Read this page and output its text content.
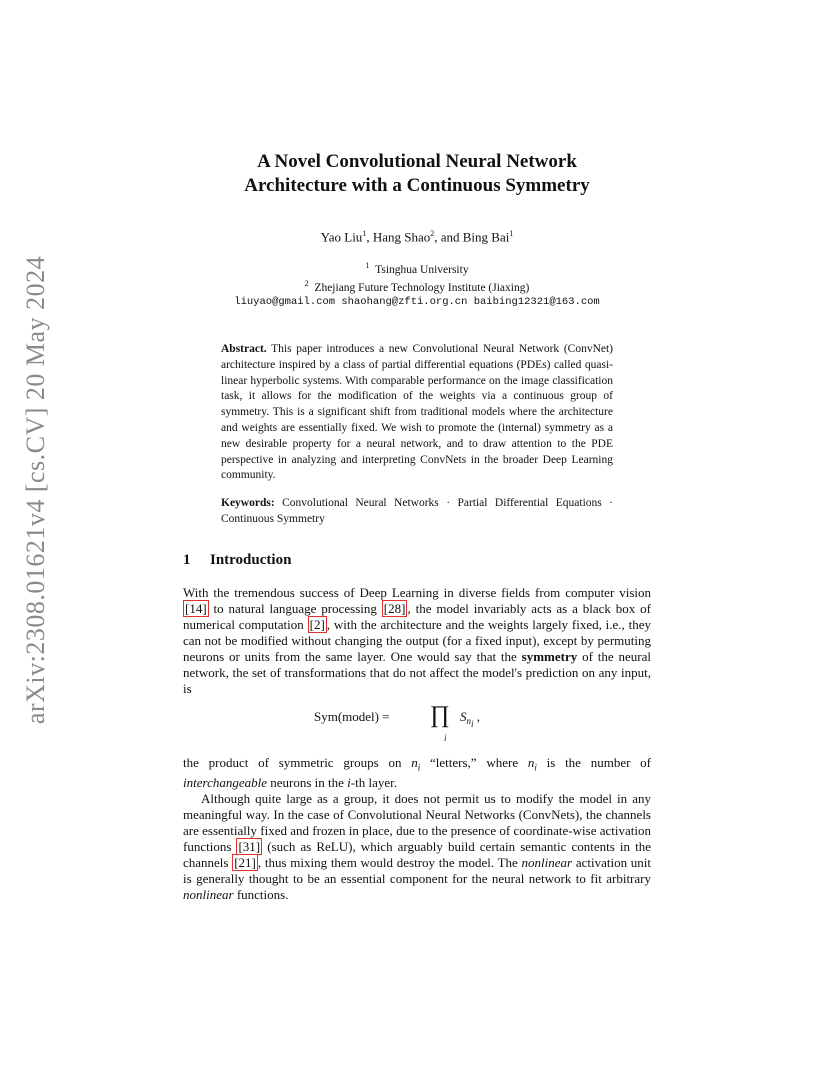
arXiv:2308.01621v4 [cs.CV] 20 May 2024
A Novel Convolutional Neural Network
Architecture with a Continuous Symmetry
Yao Liu$^1$, Hang Shao$^2$, and Bing Bai$^1$
$^1$ Tsinghua University
$^2$ Zhejiang Future Technology Institute (Jiaxing)
liuyao@gmail.com shaohang@zfti.org.cn baibing12321@163.com
Abstract. This paper introduces a new Convolutional Neural Network (ConvNet) architecture inspired by a class of partial differential equations (PDEs) called quasi-linear hyperbolic systems. With comparable performance on the image classification task, it allows for the modification of the weights via a continuous group of symmetry. This is a significant shift from traditional models where the architecture and weights are essentially fixed. We wish to promote the (internal) symmetry as a new desirable property for a neural network, and to draw attention to the PDE perspective in analyzing and interpreting ConvNets in the broader Deep Learning community.
Keywords: Convolutional Neural Networks · Partial Differential Equations · Continuous Symmetry
1 Introduction

With the tremendous success of Deep Learning in diverse fields from computer vision [14] to natural language processing [28] , the model invariably acts as a black box of numerical computation [2] , with the architecture and the weights largely fixed, i.e., they can not be modified without changing the output (for a fixed input), except by permuting neurons or units from the same layer. One would say that the symmetry of the neural network, the set of transformations that do not affect the model's prediction on any input, is

Sym(model) = ∏
i
$S_{n_i}$ ,

the product of symmetric groups on $n_i$ “letters,” where $n_i$ is the number of interchangeable neurons in the i-th layer.

Although quite large as a group, it does not permit us to modify the model in any meaningful way. In the case of Convolutional Neural Networks (ConvNets), the channels are essentially fixed and frozen in place, due to the presence of coordinate-wise activation functions [31] (such as ReLU), which arguably build certain semantic contents in the channels [21] , thus mixing them would destroy the model. The nonlinear activation unit is generally thought to be an essential component for the neural network to fit arbitrary nonlinear functions.
